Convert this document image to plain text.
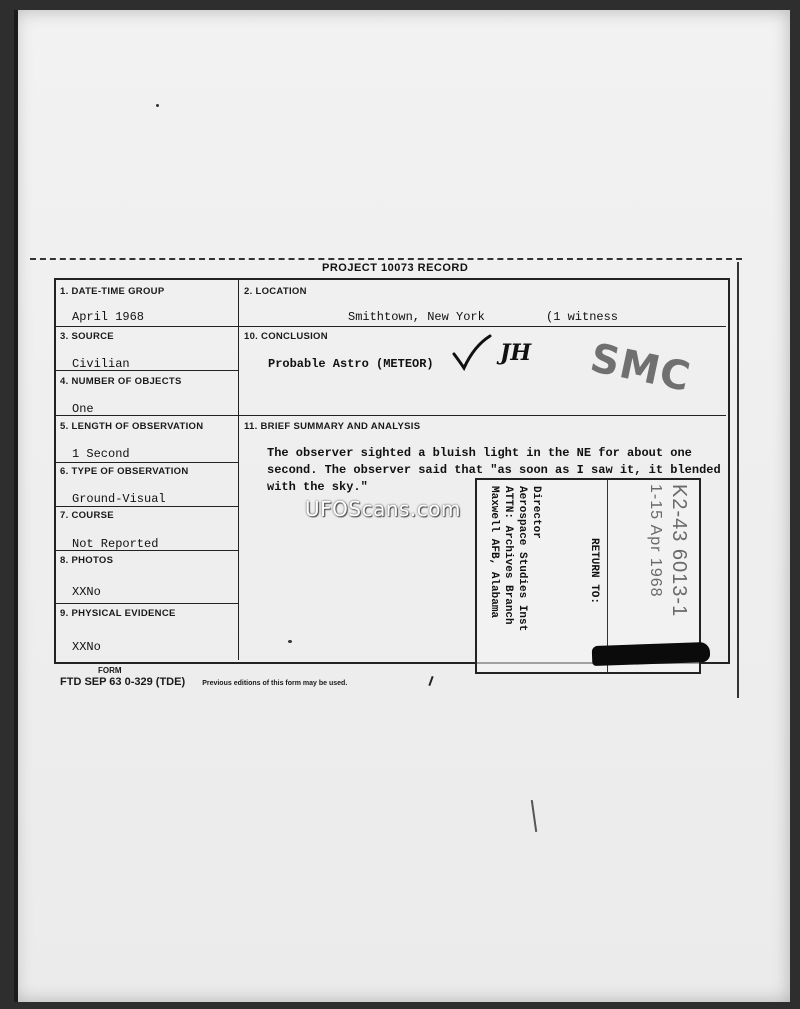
PROJECT 10073 RECORD
1. DATE-TIME GROUP
April 1968
3. SOURCE
Civilian
4. NUMBER OF OBJECTS
One
5. LENGTH OF OBSERVATION
1 Second
6. TYPE OF OBSERVATION
Ground-Visual
7. COURSE
Not Reported
8. PHOTOS
XXNo
9. PHYSICAL EVIDENCE
XXNo
2. LOCATION
Smithtown, New York	(1 witness
10. CONCLUSION
Probable Astro (METEOR)	JH SMC
11. BRIEF SUMMARY AND ANALYSIS
The observer sighted a bluish light in the NE for about one second. The observer said that "as soon as I saw it, it blended with the sky."	Director
Aerospace Studies Inst
ATTN: Archives Branch
Maxwell AFB, Alabama	RETURN TO:	K2-43 6013-1
1-15 Apr 1968
UFOScans.com
FORM
FTD SEP 63 0-329 (TDE) Previous editions of this form may be used.
